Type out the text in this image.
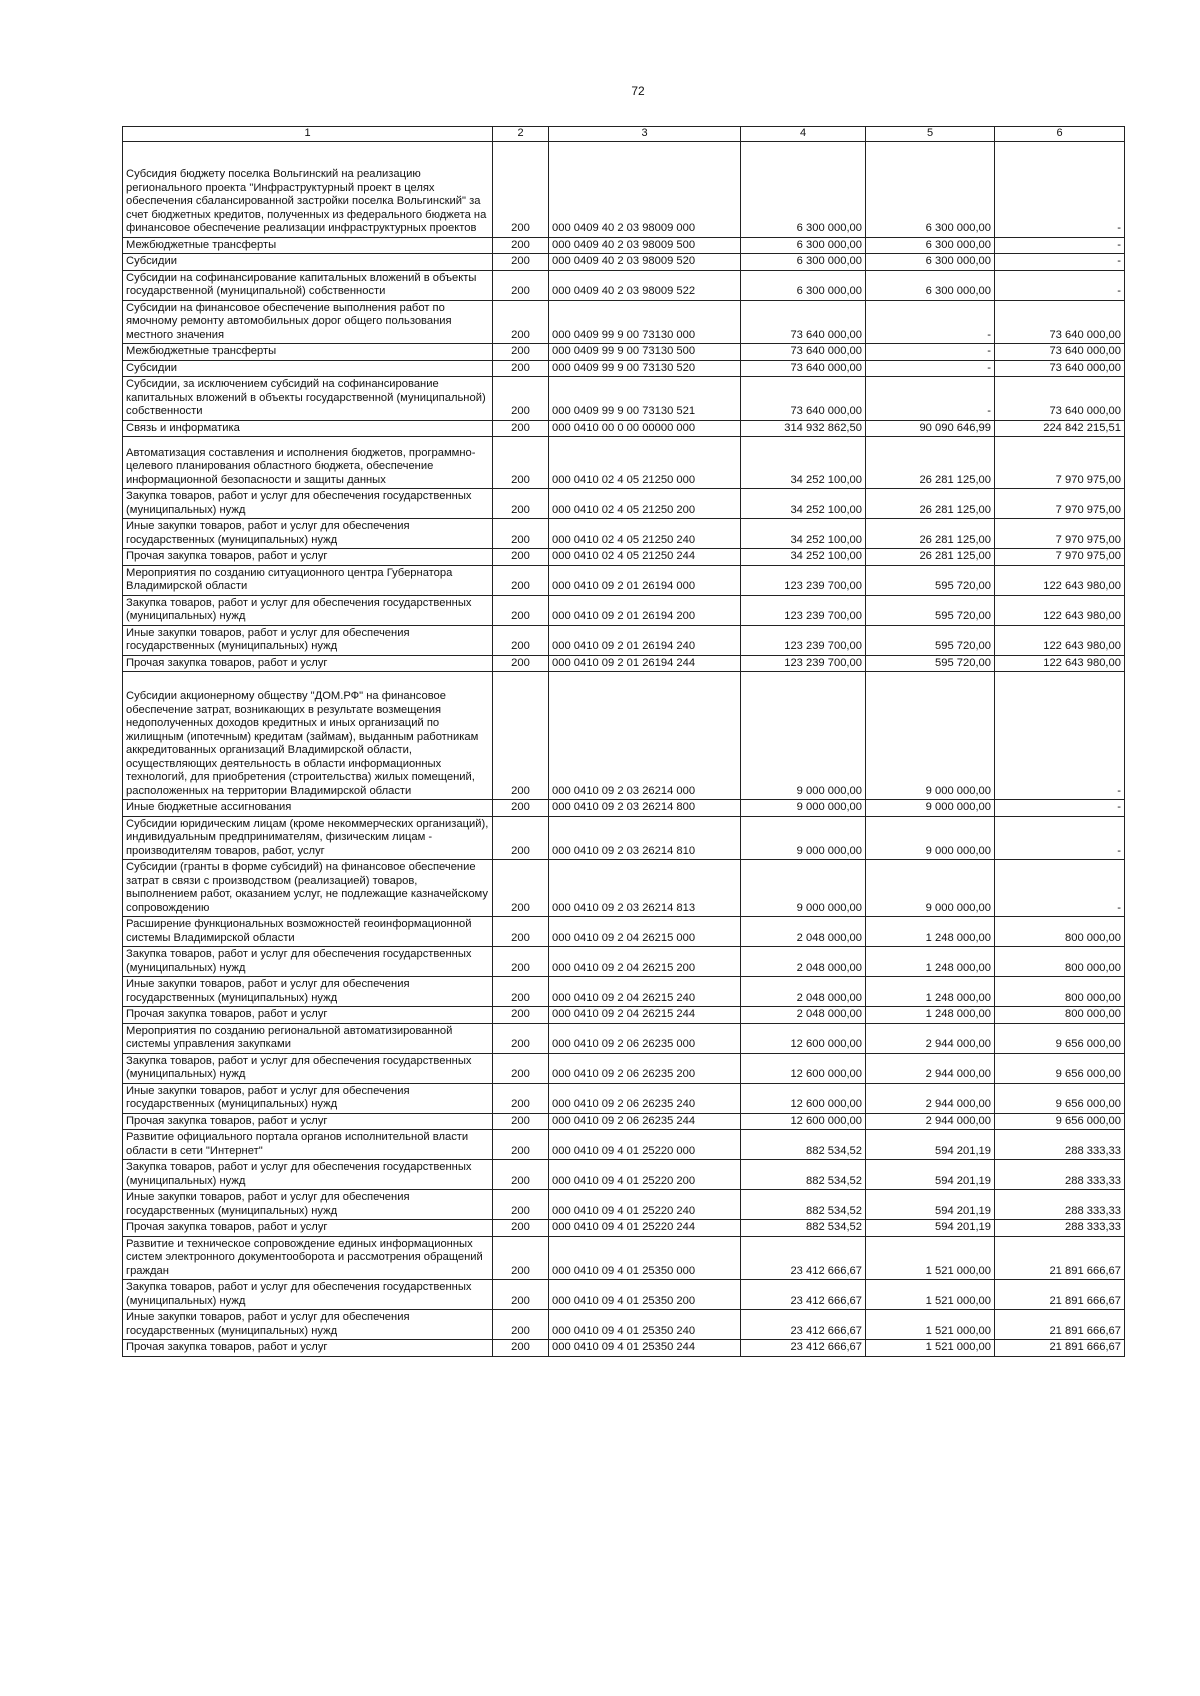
72
1	2	3	4	5	6
Субсидия бюджету поселка Вольгинский на реализацию регионального проекта "Инфраструктурный проект в целях обеспечения сбалансированной застройки поселка Вольгинский" за счет бюджетных кредитов, полученных из федерального бюджета на финансовое обеспечение реализации инфраструктурных проектов	200	000 0409 40 2 03 98009 000	6 300 000,00	6 300 000,00	-
Межбюджетные трансферты	200	000 0409 40 2 03 98009 500	6 300 000,00	6 300 000,00	-
Субсидии	200	000 0409 40 2 03 98009 520	6 300 000,00	6 300 000,00	-
Субсидии на софинансирование капитальных вложений в объекты государственной (муниципальной) собственности	200	000 0409 40 2 03 98009 522	6 300 000,00	6 300 000,00	-
Субсидии на финансовое обеспечение выполнения работ по ямочному ремонту автомобильных дорог общего пользования местного значения	200	000 0409 99 9 00 73130 000	73 640 000,00	-	73 640 000,00
Межбюджетные трансферты	200	000 0409 99 9 00 73130 500	73 640 000,00	-	73 640 000,00
Субсидии	200	000 0409 99 9 00 73130 520	73 640 000,00	-	73 640 000,00
Субсидии, за исключением субсидий на софинансирование капитальных вложений в объекты государственной (муниципальной) собственности	200	000 0409 99 9 00 73130 521	73 640 000,00	-	73 640 000,00
Связь и информатика	200	000 0410 00 0 00 00000 000	314 932 862,50	90 090 646,99	224 842 215,51
Автоматизация составления и исполнения бюджетов, программно-целевого планирования областного бюджета, обеспечение информационной безопасности и защиты данных	200	000 0410 02 4 05 21250 000	34 252 100,00	26 281 125,00	7 970 975,00
Закупка товаров, работ и услуг для обеспечения государственных (муниципальных) нужд	200	000 0410 02 4 05 21250 200	34 252 100,00	26 281 125,00	7 970 975,00
Иные закупки товаров, работ и услуг для обеспечения государственных (муниципальных) нужд	200	000 0410 02 4 05 21250 240	34 252 100,00	26 281 125,00	7 970 975,00
Прочая закупка товаров, работ и услуг	200	000 0410 02 4 05 21250 244	34 252 100,00	26 281 125,00	7 970 975,00
Мероприятия по созданию ситуационного центра Губернатора Владимирской области	200	000 0410 09 2 01 26194 000	123 239 700,00	595 720,00	122 643 980,00
Закупка товаров, работ и услуг для обеспечения государственных (муниципальных) нужд	200	000 0410 09 2 01 26194 200	123 239 700,00	595 720,00	122 643 980,00
Иные закупки товаров, работ и услуг для обеспечения государственных (муниципальных) нужд	200	000 0410 09 2 01 26194 240	123 239 700,00	595 720,00	122 643 980,00
Прочая закупка товаров, работ и услуг	200	000 0410 09 2 01 26194 244	123 239 700,00	595 720,00	122 643 980,00
Субсидии акционерному обществу "ДОМ.РФ" на финансовое обеспечение затрат, возникающих в результате возмещения недополученных доходов кредитных и иных организаций по жилищным (ипотечным) кредитам (займам), выданным работникам аккредитованных организаций Владимирской области, осуществляющих деятельность в области информационных технологий, для приобретения (строительства) жилых помещений, расположенных на территории Владимирской области	200	000 0410 09 2 03 26214 000	9 000 000,00	9 000 000,00	-
Иные бюджетные ассигнования	200	000 0410 09 2 03 26214 800	9 000 000,00	9 000 000,00	-
Субсидии юридическим лицам (кроме некоммерческих организаций), индивидуальным предпринимателям, физическим лицам - производителям товаров, работ, услуг	200	000 0410 09 2 03 26214 810	9 000 000,00	9 000 000,00	-
Субсидии (гранты в форме субсидий) на финансовое обеспечение затрат в связи с производством (реализацией) товаров, выполнением работ, оказанием услуг, не подлежащие казначейскому сопровождению	200	000 0410 09 2 03 26214 813	9 000 000,00	9 000 000,00	-
Расширение функциональных возможностей геоинформационной системы Владимирской области	200	000 0410 09 2 04 26215 000	2 048 000,00	1 248 000,00	800 000,00
Закупка товаров, работ и услуг для обеспечения государственных (муниципальных) нужд	200	000 0410 09 2 04 26215 200	2 048 000,00	1 248 000,00	800 000,00
Иные закупки товаров, работ и услуг для обеспечения государственных (муниципальных) нужд	200	000 0410 09 2 04 26215 240	2 048 000,00	1 248 000,00	800 000,00
Прочая закупка товаров, работ и услуг	200	000 0410 09 2 04 26215 244	2 048 000,00	1 248 000,00	800 000,00
Мероприятия по созданию региональной автоматизированной системы управления закупками	200	000 0410 09 2 06 26235 000	12 600 000,00	2 944 000,00	9 656 000,00
Закупка товаров, работ и услуг для обеспечения государственных (муниципальных) нужд	200	000 0410 09 2 06 26235 200	12 600 000,00	2 944 000,00	9 656 000,00
Иные закупки товаров, работ и услуг для обеспечения государственных (муниципальных) нужд	200	000 0410 09 2 06 26235 240	12 600 000,00	2 944 000,00	9 656 000,00
Прочая закупка товаров, работ и услуг	200	000 0410 09 2 06 26235 244	12 600 000,00	2 944 000,00	9 656 000,00
Развитие официального портала органов исполнительной власти области в сети "Интернет"	200	000 0410 09 4 01 25220 000	882 534,52	594 201,19	288 333,33
Закупка товаров, работ и услуг для обеспечения государственных (муниципальных) нужд	200	000 0410 09 4 01 25220 200	882 534,52	594 201,19	288 333,33
Иные закупки товаров, работ и услуг для обеспечения государственных (муниципальных) нужд	200	000 0410 09 4 01 25220 240	882 534,52	594 201,19	288 333,33
Прочая закупка товаров, работ и услуг	200	000 0410 09 4 01 25220 244	882 534,52	594 201,19	288 333,33
Развитие и техническое сопровождение единых информационных систем электронного документооборота и рассмотрения обращений граждан	200	000 0410 09 4 01 25350 000	23 412 666,67	1 521 000,00	21 891 666,67
Закупка товаров, работ и услуг для обеспечения государственных (муниципальных) нужд	200	000 0410 09 4 01 25350 200	23 412 666,67	1 521 000,00	21 891 666,67
Иные закупки товаров, работ и услуг для обеспечения государственных (муниципальных) нужд	200	000 0410 09 4 01 25350 240	23 412 666,67	1 521 000,00	21 891 666,67
Прочая закупка товаров, работ и услуг	200	000 0410 09 4 01 25350 244	23 412 666,67	1 521 000,00	21 891 666,67
